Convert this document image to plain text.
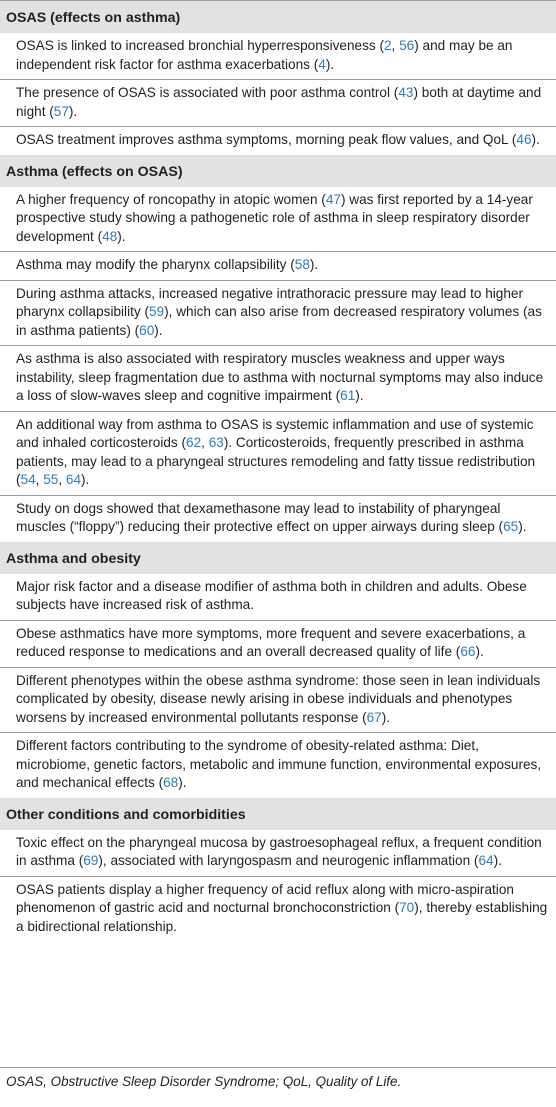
OSAS (effects on asthma)
OSAS is linked to increased bronchial hyperresponsiveness (2, 56) and may be an independent risk factor for asthma exacerbations (4).
The presence of OSAS is associated with poor asthma control (43) both at daytime and night (57).
OSAS treatment improves asthma symptoms, morning peak flow values, and QoL (46).
Asthma (effects on OSAS)
A higher frequency of roncopathy in atopic women (47) was first reported by a 14-year prospective study showing a pathogenetic role of asthma in sleep respiratory disorder development (48).
Asthma may modify the pharynx collapsibility (58).
During asthma attacks, increased negative intrathoracic pressure may lead to higher pharynx collapsibility (59), which can also arise from decreased respiratory volumes (as in asthma patients) (60).
As asthma is also associated with respiratory muscles weakness and upper ways instability, sleep fragmentation due to asthma with nocturnal symptoms may also induce a loss of slow-waves sleep and cognitive impairment (61).
An additional way from asthma to OSAS is systemic inflammation and use of systemic and inhaled corticosteroids (62, 63). Corticosteroids, frequently prescribed in asthma patients, may lead to a pharyngeal structures remodeling and fatty tissue redistribution (54, 55, 64).
Study on dogs showed that dexamethasone may lead to instability of pharyngeal muscles (“floppy”) reducing their protective effect on upper airways during sleep (65).
Asthma and obesity
Major risk factor and a disease modifier of asthma both in children and adults. Obese subjects have increased risk of asthma.
Obese asthmatics have more symptoms, more frequent and severe exacerbations, a reduced response to medications and an overall decreased quality of life (66).
Different phenotypes within the obese asthma syndrome: those seen in lean individuals complicated by obesity, disease newly arising in obese individuals and phenotypes worsens by increased environmental pollutants response (67).
Different factors contributing to the syndrome of obesity-related asthma: Diet, microbiome, genetic factors, metabolic and immune function, environmental exposures, and mechanical effects (68).
Other conditions and comorbidities
Toxic effect on the pharyngeal mucosa by gastroesophageal reflux, a frequent condition in asthma (69), associated with laryngospasm and neurogenic inflammation (64).
OSAS patients display a higher frequency of acid reflux along with micro-aspiration phenomenon of gastric acid and nocturnal bronchoconstriction (70), thereby establishing a bidirectional relationship.
OSAS, Obstructive Sleep Disorder Syndrome; QoL, Quality of Life.
